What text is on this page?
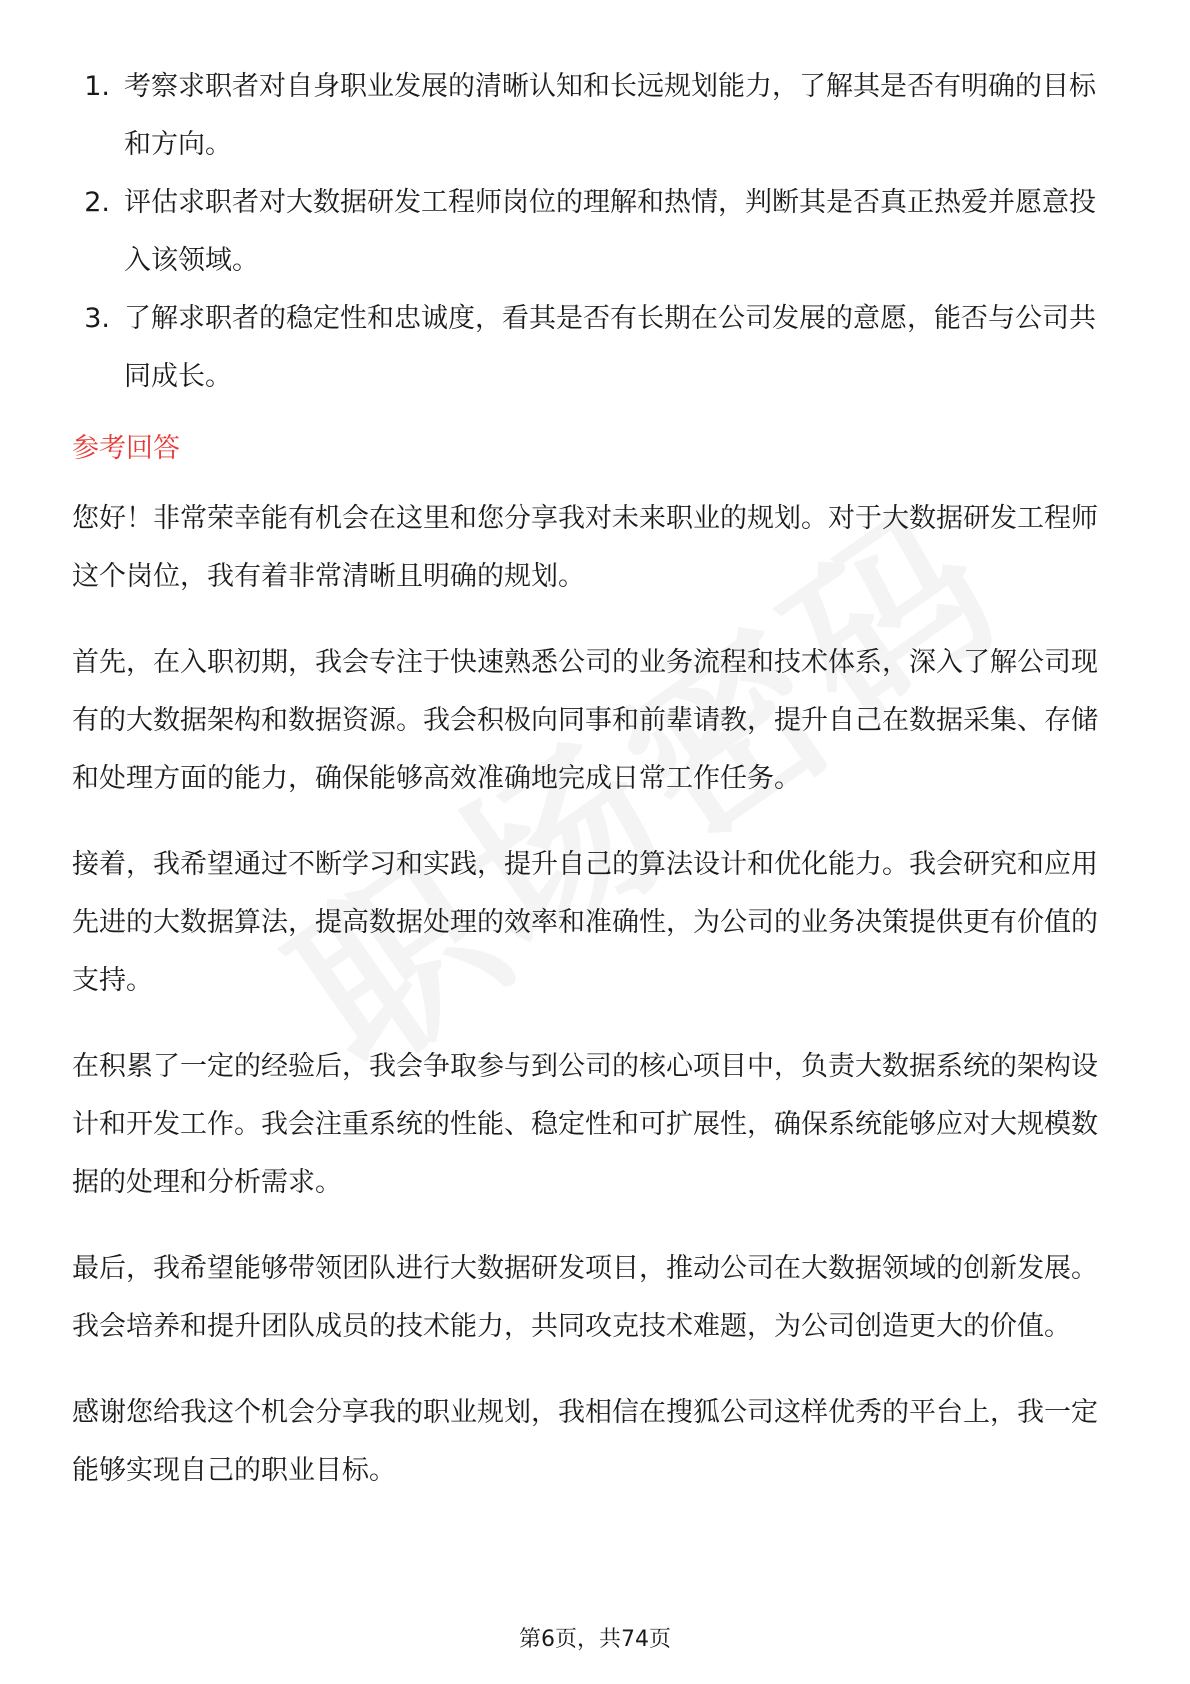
1. 考察求职者对自身职业发展的清晰认知和长远规划能力，了解其是否有明确的目标和方向。
2. 评估求职者对大数据研发工程师岗位的理解和热情，判断其是否真正热爱并愿意投入该领域。
3. 了解求职者的稳定性和忠诚度，看其是否有长期在公司发展的意愿，能否与公司共同成长。
参考回答

您好！非常荣幸能有机会在这里和您分享我对未来职业的规划。对于大数据研发工程师这个岗位，我有着非常清晰且明确的规划。

首先，在入职初期，我会专注于快速熟悉公司的业务流程和技术体系，深入了解公司现有的大数据架构和数据资源。我会积极向同事和前辈请教，提升自己在数据采集、存储和处理方面的能力，确保能够高效准确地完成日常工作任务。

接着，我希望通过不断学习和实践，提升自己的算法设计和优化能力。我会研究和应用先进的大数据算法，提高数据处理的效率和准确性，为公司的业务决策提供更有价值的支持。

在积累了一定的经验后，我会争取参与到公司的核心项目中，负责大数据系统的架构设计和开发工作。我会注重系统的性能、稳定性和可扩展性，确保系统能够应对大规模数据的处理和分析需求。

最后，我希望能够带领团队进行大数据研发项目，推动公司在大数据领域的创新发展。我会培养和提升团队成员的技术能力，共同攻克技术难题，为公司创造更大的价值。

感谢您给我这个机会分享我的职业规划，我相信在搜狐公司这样优秀的平台上，我一定能够实现自己的职业目标。

第6页，共74页
